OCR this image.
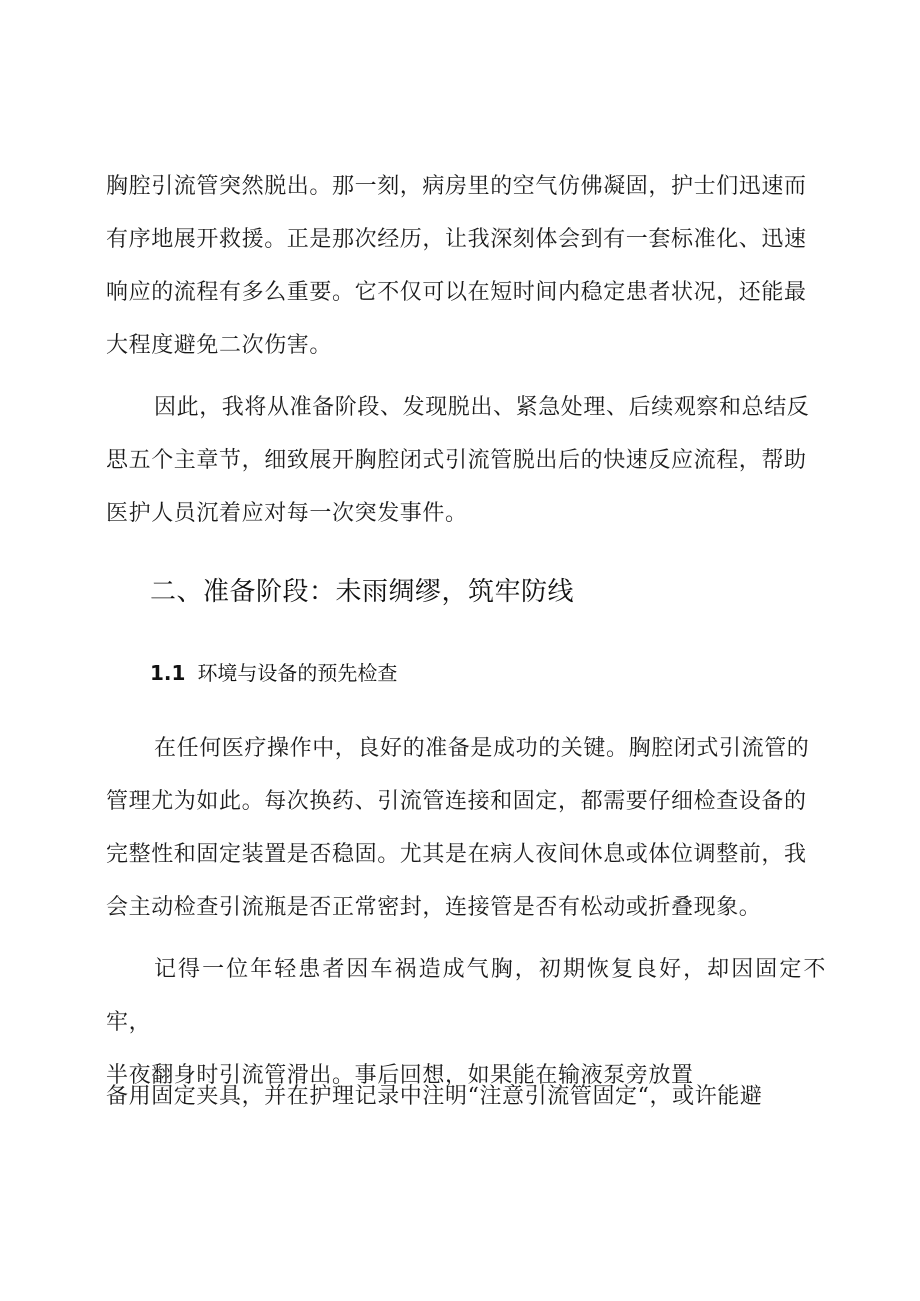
胸腔引流管突然脱出。那一刻，病房里的空气仿佛凝固，护士们迅速而
有序地展开救援。正是那次经历，让我深刻体会到有一套标准化、迅速
响应的流程有多么重要。它不仅可以在短时间内稳定患者状况，还能最
大程度避免二次伤害。

因此，我将从准备阶段、发现脱出、紧急处理、后续观察和总结反
思五个主章节，细致展开胸腔闭式引流管脱出后的快速反应流程，帮助
医护人员沉着应对每一次突发事件。

二、准备阶段：未雨绸缪，筑牢防线
1.1 环境与设备的预先检查

在任何医疗操作中，良好的准备是成功的关键。胸腔闭式引流管的
管理尤为如此。每次换药、引流管连接和固定，都需要仔细检查设备的
完整性和固定装置是否稳固。尤其是在病人夜间休息或体位调整前，我
会主动检查引流瓶是否正常密封，连接管是否有松动或折叠现象。

记得一位年轻患者因车祸造成气胸，初期恢复良好，却因固定不牢，
半夜翻身时引流管滑出。事后回想，如果能在输液泵旁放置

备用固定夹具，并在护理记录中注明“注意引流管固定“，或许能避
